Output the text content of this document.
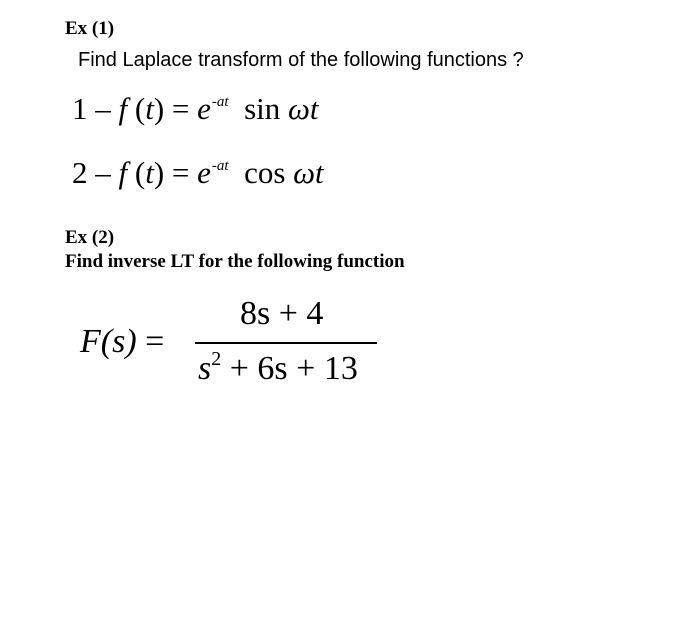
Ex (1)
Find Laplace transform of the following functions ?
1 – f $(t) = e^{-at}$ sin ωt
2 – f $(t) = e^{-at}$ cos ωt
Ex (2)
Find inverse LT for the following function
F(s) =
8s + 4
$s^2 + 6s + 13$
